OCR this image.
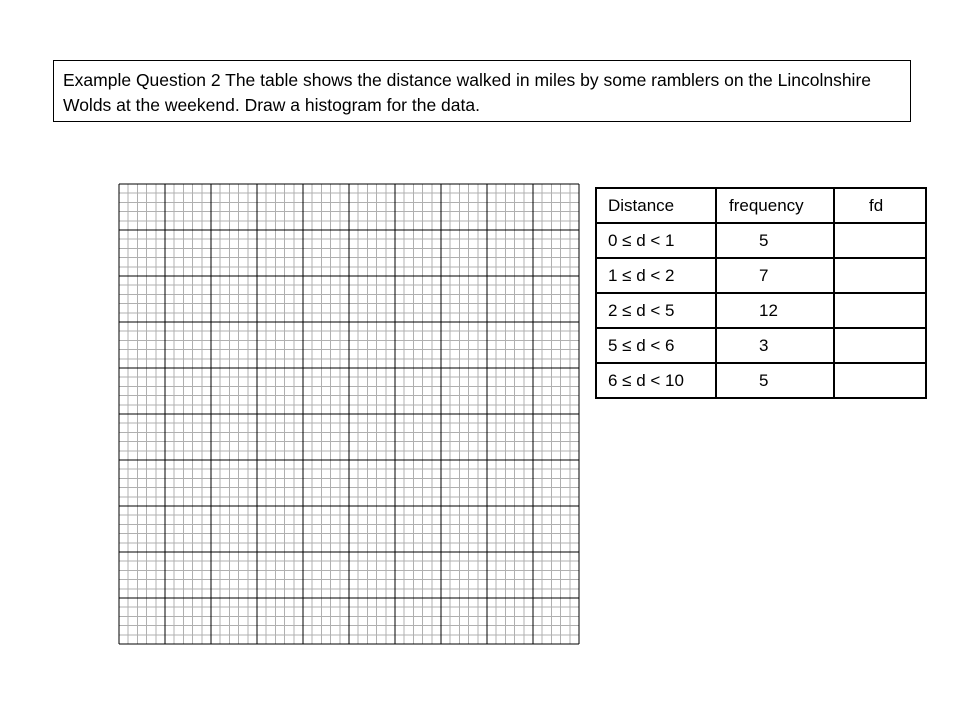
Example Question 2 The table shows the distance walked in miles by some ramblers on the Lincolnshire Wolds at the weekend. Draw a histogram for the data.
Distance	frequency	fd
0 ≤ d < 1	5	
1 ≤ d < 2	7	
2 ≤ d < 5	12	
5 ≤ d < 6	3	
6 ≤ d < 10	5	
